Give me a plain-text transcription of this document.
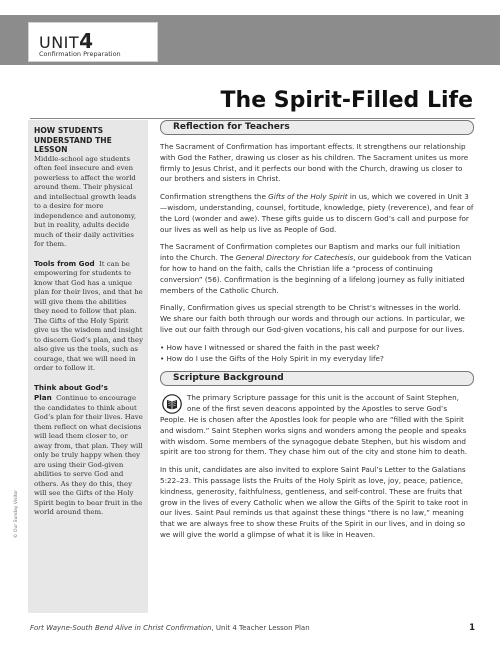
UNIT4
Confirmation Preparation
The Spirit-Filled Life
HOW STUDENTS
UNDERSTAND THE
LESSON

Middle-school age students often feel insecure and even powerless to affect the world around them. Their physical and intellectual growth leads to a desire for more independence and autonomy, but in reality, adults decide much of their daily activities for them.

Tools from God It can be empowering for students to know that God has a unique plan for their lives, and that he will give them the abilities they need to follow that plan. The Gifts of the Holy Spirit give us the wisdom and insight to discern God’s plan, and they also give us the tools, such as courage, that we will need in order to follow it.

Think about God’s Plan Continue to encourage the candidates to think about God’s plan for their lives. Have them reflect on what decisions will lead them closer to, or away from, that plan. They will only be truly happy when they are using their God-given abilities to serve God and others. As they do this, they will see the Gifts of the Holy Spirit begin to bear fruit in the world around them.

© Our Sunday Visitor
Reflection for Teachers

The Sacrament of Confirmation has important effects. It strengthens our relationship with God the Father, drawing us closer as his children. The Sacrament unites us more firmly to Jesus Christ, and it perfects our bond with the Church, drawing us closer to our brothers and sisters in Christ.

Confirmation strengthens the Gifts of the Holy Spirit in us, which we covered in Unit 3—wisdom, understanding, counsel, fortitude, knowledge, piety (reverence), and fear of the Lord (wonder and awe). These gifts guide us to discern God’s call and purpose for our lives as well as help us live as People of God.

The Sacrament of Confirmation completes our Baptism and marks our full initiation into the Church. The General Directory for Catechesis, our guidebook from the Vatican for how to hand on the faith, calls the Christian life a “process of continuing conversion” (56). Confirmation is the beginning of a lifelong journey as fully initiated members of the Catholic Church.

Finally, Confirmation gives us special strength to be Christ’s witnesses in the world. We share our faith both through our words and through our actions. In particular, we live out our faith through our God-given vocations, his call and purpose for our lives.

• How have I witnessed or shared the faith in the past week?
• How do I use the Gifts of the Holy Spirit in my everyday life?
Scripture Background

The primary Scripture passage for this unit is the account of Saint Stephen, one of the first seven deacons appointed by the Apostles to serve God’s People. He is chosen after the Apostles look for people who are “filled with the Spirit and wisdom.” Saint Stephen works signs and wonders among the people and speaks with wisdom. Some members of the synagogue debate Stephen, but his wisdom and spirit are too strong for them. They chase him out of the city and stone him to death.

In this unit, candidates are also invited to explore Saint Paul’s Letter to the Galatians 5:22–23. This passage lists the Fruits of the Holy Spirit as love, joy, peace, patience, kindness, generosity, faithfulness, gentleness, and self-control. These are fruits that grow in the lives of every Catholic when we allow the Gifts of the Spirit to take root in our lives. Saint Paul reminds us that against these things “there is no law,” meaning that we are always free to show these Fruits of the Spirit in our lives, and in doing so we will give the world a glimpse of what it is like in Heaven.

Fort Wayne-South Bend Alive in Christ Confirmation, Unit 4 Teacher Lesson Plan	1
